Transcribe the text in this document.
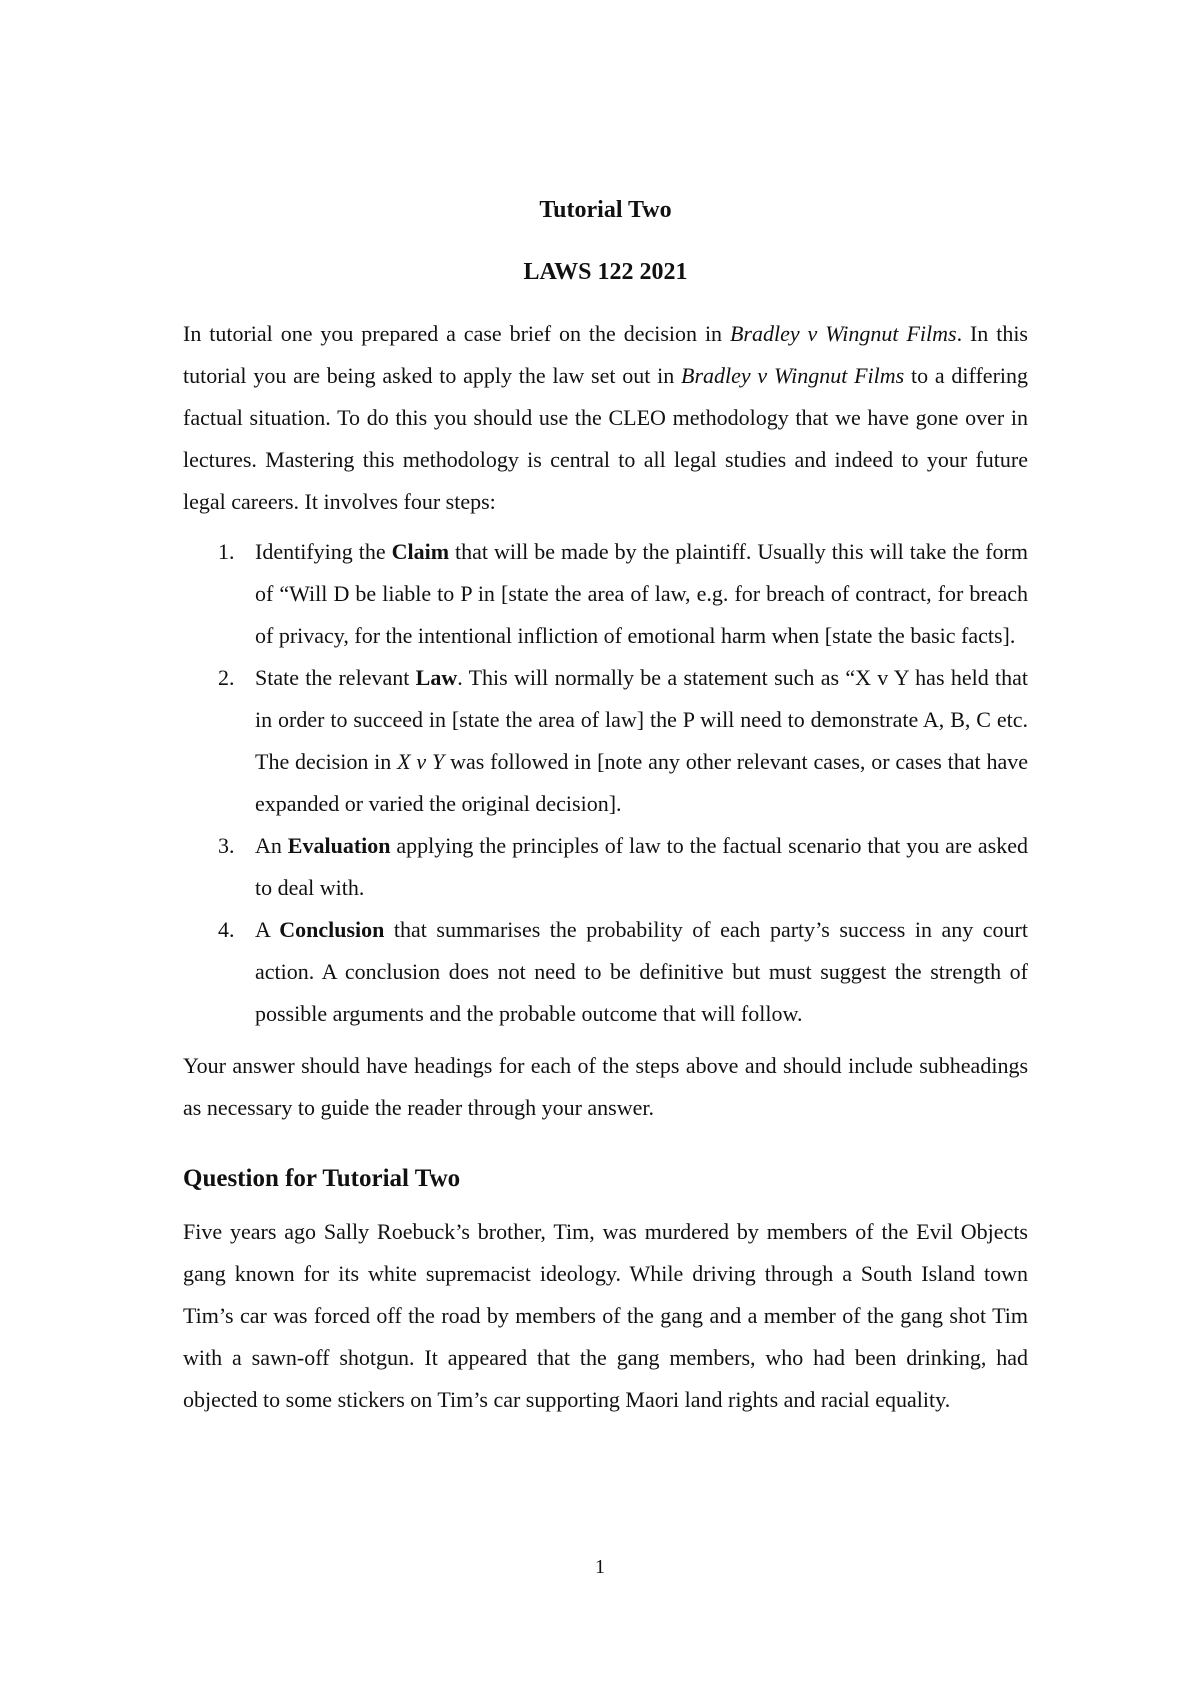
Tutorial Two

LAWS 122 2021

In tutorial one you prepared a case brief on the decision in Bradley v Wingnut Films. In this tutorial you are being asked to apply the law set out in Bradley v Wingnut Films to a differing factual situation. To do this you should use the CLEO methodology that we have gone over in lectures. Mastering this methodology is central to all legal studies and indeed to your future legal careers. It involves four steps:

1. Identifying the Claim that will be made by the plaintiff. Usually this will take the form of “Will D be liable to P in [state the area of law, e.g. for breach of contract, for breach of privacy, for the intentional infliction of emotional harm when [state the basic facts].
2. State the relevant Law. This will normally be a statement such as “X v Y has held that in order to succeed in [state the area of law] the P will need to demonstrate A, B, C etc. The decision in X v Y was followed in [note any other relevant cases, or cases that have expanded or varied the original decision].
3. An Evaluation applying the principles of law to the factual scenario that you are asked to deal with.
4. A Conclusion that summarises the probability of each party’s success in any court action. A conclusion does not need to be definitive but must suggest the strength of possible arguments and the probable outcome that will follow.

Your answer should have headings for each of the steps above and should include subheadings as necessary to guide the reader through your answer.

Question for Tutorial Two

Five years ago Sally Roebuck’s brother, Tim, was murdered by members of the Evil Objects gang known for its white supremacist ideology. While driving through a South Island town Tim’s car was forced off the road by members of the gang and a member of the gang shot Tim with a sawn-off shotgun. It appeared that the gang members, who had been drinking, had objected to some stickers on Tim’s car supporting Maori land rights and racial equality.

1
